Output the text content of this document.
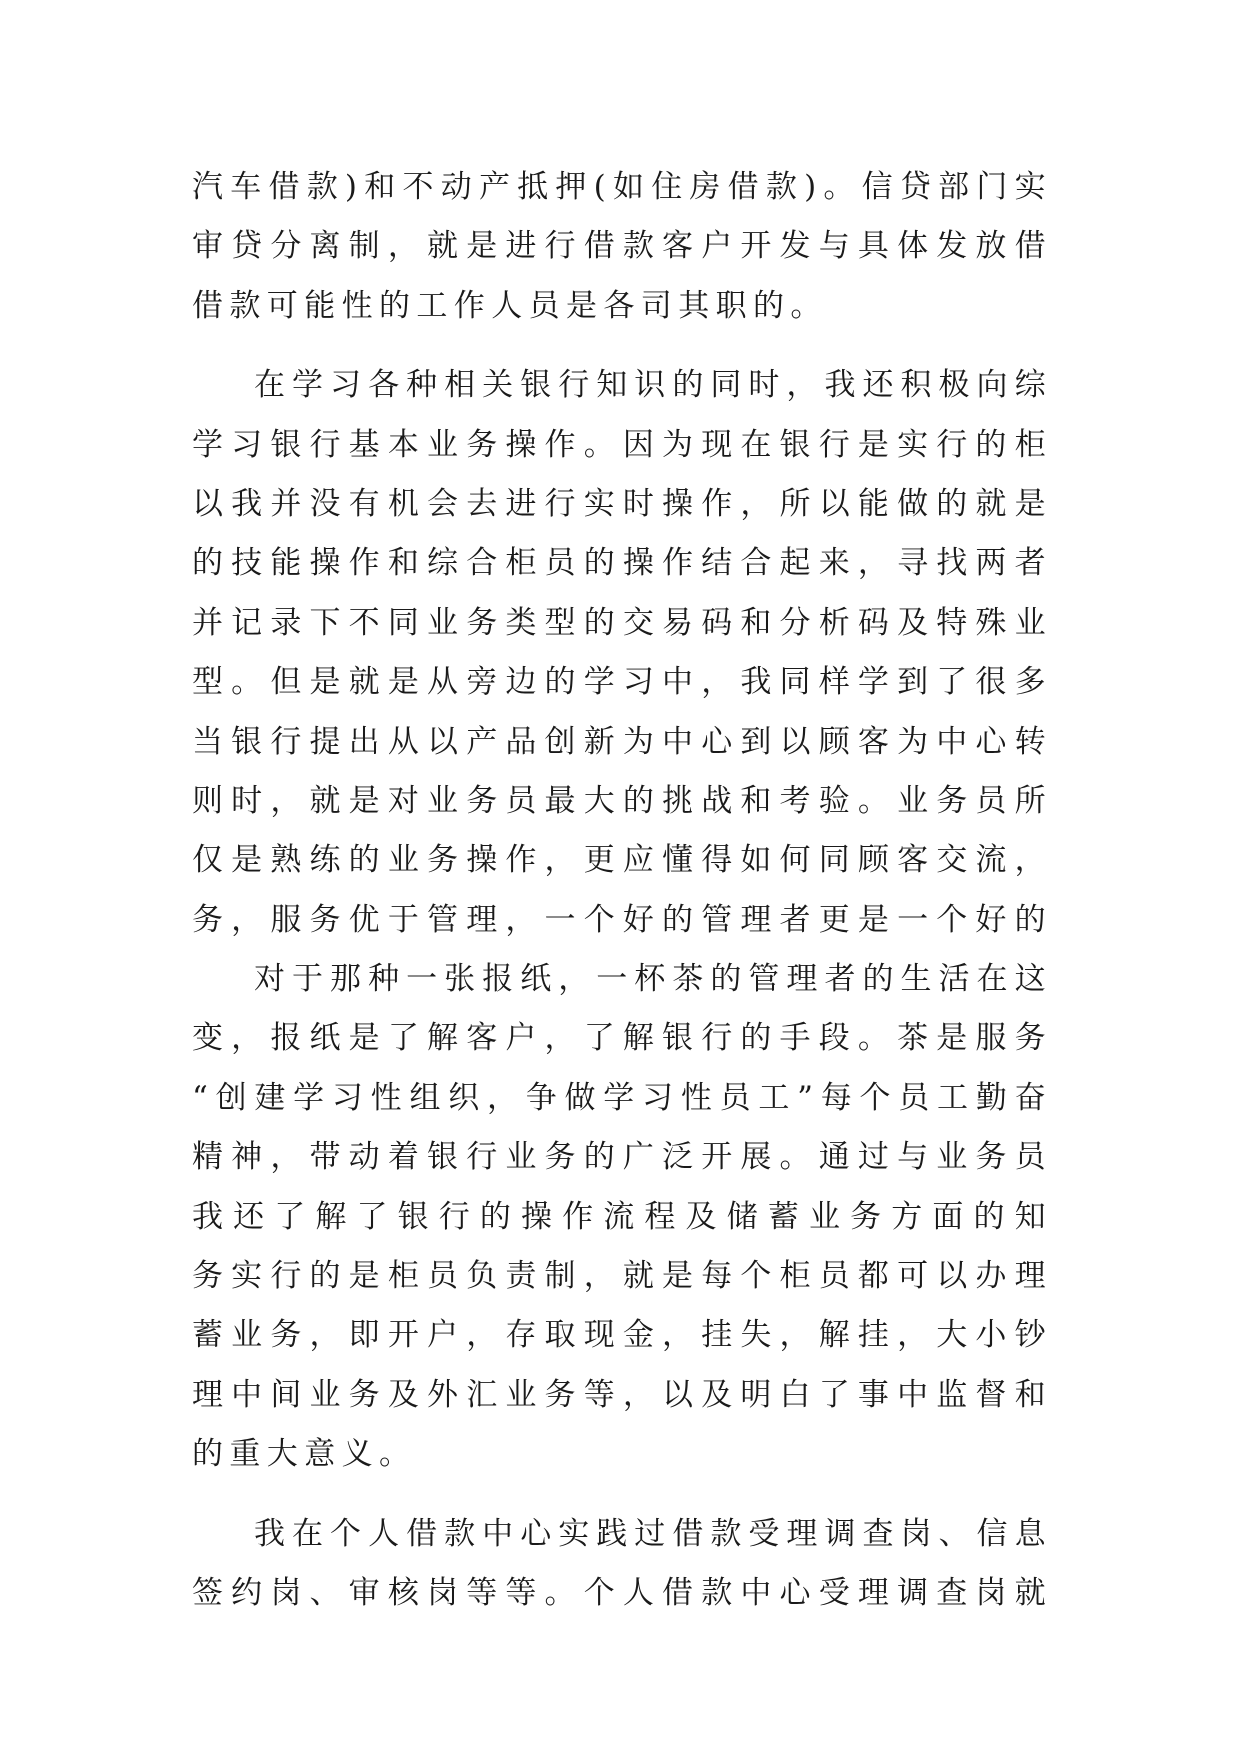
汽车借款)和不动产抵押(如住房借款)。信贷部门实
审贷分离制，就是进行借款客户开发与具体发放借
借款可能性的工作人员是各司其职的。
在学习各种相关银行知识的同时，我还积极向综
学习银行基本业务操作。因为现在银行是实行的柜
以我并没有机会去进行实时操作，所以能做的就是
的技能操作和综合柜员的操作结合起来，寻找两者
并记录下不同业务类型的交易码和分析码及特殊业
型。但是就是从旁边的学习中，我同样学到了很多
当银行提出从以产品创新为中心到以顾客为中心转
则时，就是对业务员最大的挑战和考验。业务员所
仅是熟练的业务操作，更应懂得如何同顾客交流，
务，服务优于管理，一个好的管理者更是一个好的
对于那种一张报纸，一杯茶的管理者的生活在这
变，报纸是了解客户，了解银行的手段。茶是服务
“创建学习性组织，争做学习性员工”每个员工勤奋
精神，带动着银行业务的广泛开展。通过与业务员
我还了解了银行的操作流程及储蓄业务方面的知
务实行的是柜员负责制，就是每个柜员都可以办理
蓄业务，即开户，存取现金，挂失，解挂，大小钞
理中间业务及外汇业务等，以及明白了事中监督和
的重大意义。
我在个人借款中心实践过借款受理调查岗、信息
签约岗、审核岗等等。个人借款中心受理调查岗就
